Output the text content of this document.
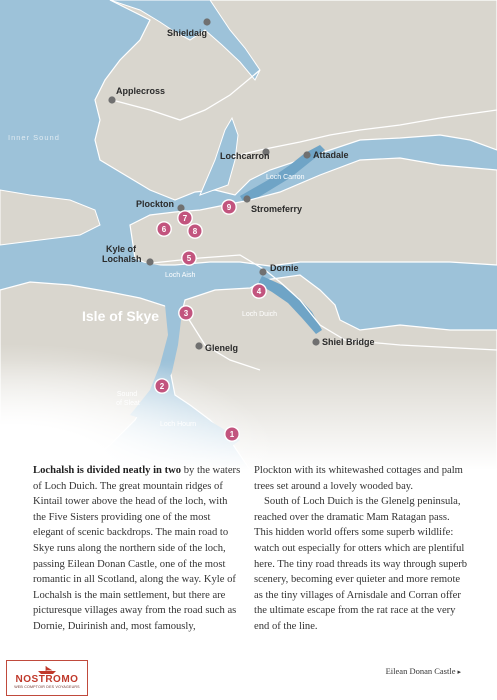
Inner Sound
Loch Carron
Loch Aish
Loch Duich
Sound of Sleat
Loch Hourn
Isle of Skye
Shieldaig
Applecross
Lochcarron	Attadale
Plockton	Stromeferry
Kyle of Lochalsh
Dornie
Glenelg
Shiel Bridge
1
2
3
4
5
6
7
8
9

Lochalsh is divided neatly in two by the waters of Loch Duich. The great mountain ridges of Kintail tower above the head of the loch, with the Five Sisters providing one of the most elegant of scenic backdrops. The main road to Skye runs along the northern side of the loch, passing Eilean Donan Castle, one of the most romantic in all Scotland, along the way. Kyle of Lochalsh is the main settlement, but there are picturesque villages away from the road such as Dornie, Duirinish and, most famously,

Plockton with its whitewashed cottages and palm trees set around a lovely wooded bay.

South of Loch Duich is the Glenelg peninsula, reached over the dramatic Mam Ratagan pass. This hidden world offers some superb wildlife: watch out especially for otters which are plentiful here. The tiny road threads its way through superb scenery, becoming ever quieter and more remote as the tiny villages of Arnisdale and Corran offer the ultimate escape from the rat race at the very end of the line.

Eilean Donan Castle ▸
NOSTROMO
WEB COMPTOIR DES VOYAGEURS
